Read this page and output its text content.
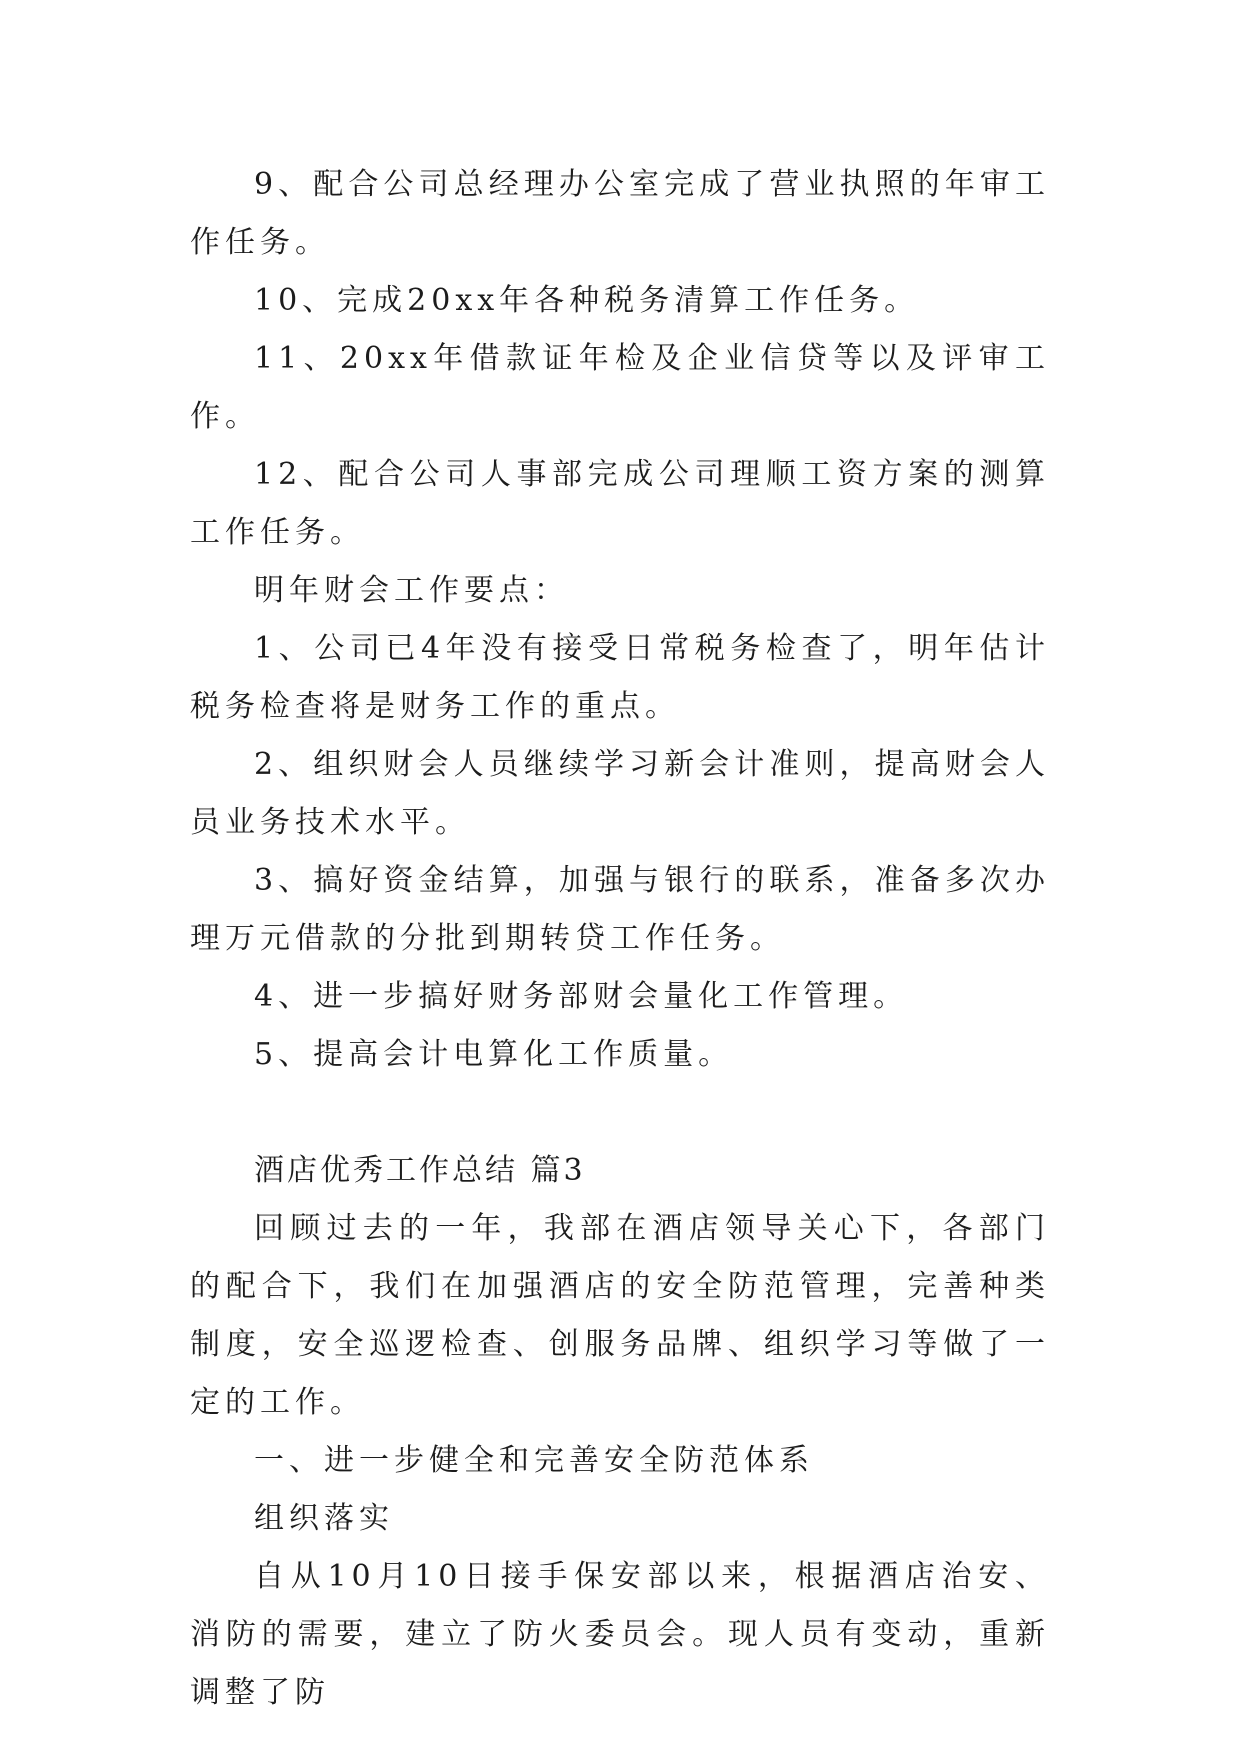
9、配合公司总经理办公室完成了营业执照的年审工作任务。

10、完成20xx年各种税务清算工作任务。

11、20xx年借款证年检及企业信贷等以及评审工作。

12、配合公司人事部完成公司理顺工资方案的测算工作任务。

明年财会工作要点：

1、公司已4年没有接受日常税务检查了，明年估计税务检查将是财务工作的重点。

2、组织财会人员继续学习新会计准则，提高财会人员业务技术水平。

3、搞好资金结算，加强与银行的联系，准备多次办理万元借款的分批到期转贷工作任务。

4、进一步搞好财务部财会量化工作管理。

5、提高会计电算化工作质量。

酒店优秀工作总结 篇3

回顾过去的一年，我部在酒店领导关心下，各部门的配合下，我们在加强酒店的安全防范管理，完善种类制度，安全巡逻检查、创服务品牌、组织学习等做了一定的工作。

一、进一步健全和完善安全防范体系

组织落实

自从10月10日接手保安部以来，根据酒店治安、消防的需要，建立了防火委员会。现人员有变动，重新调整了防
